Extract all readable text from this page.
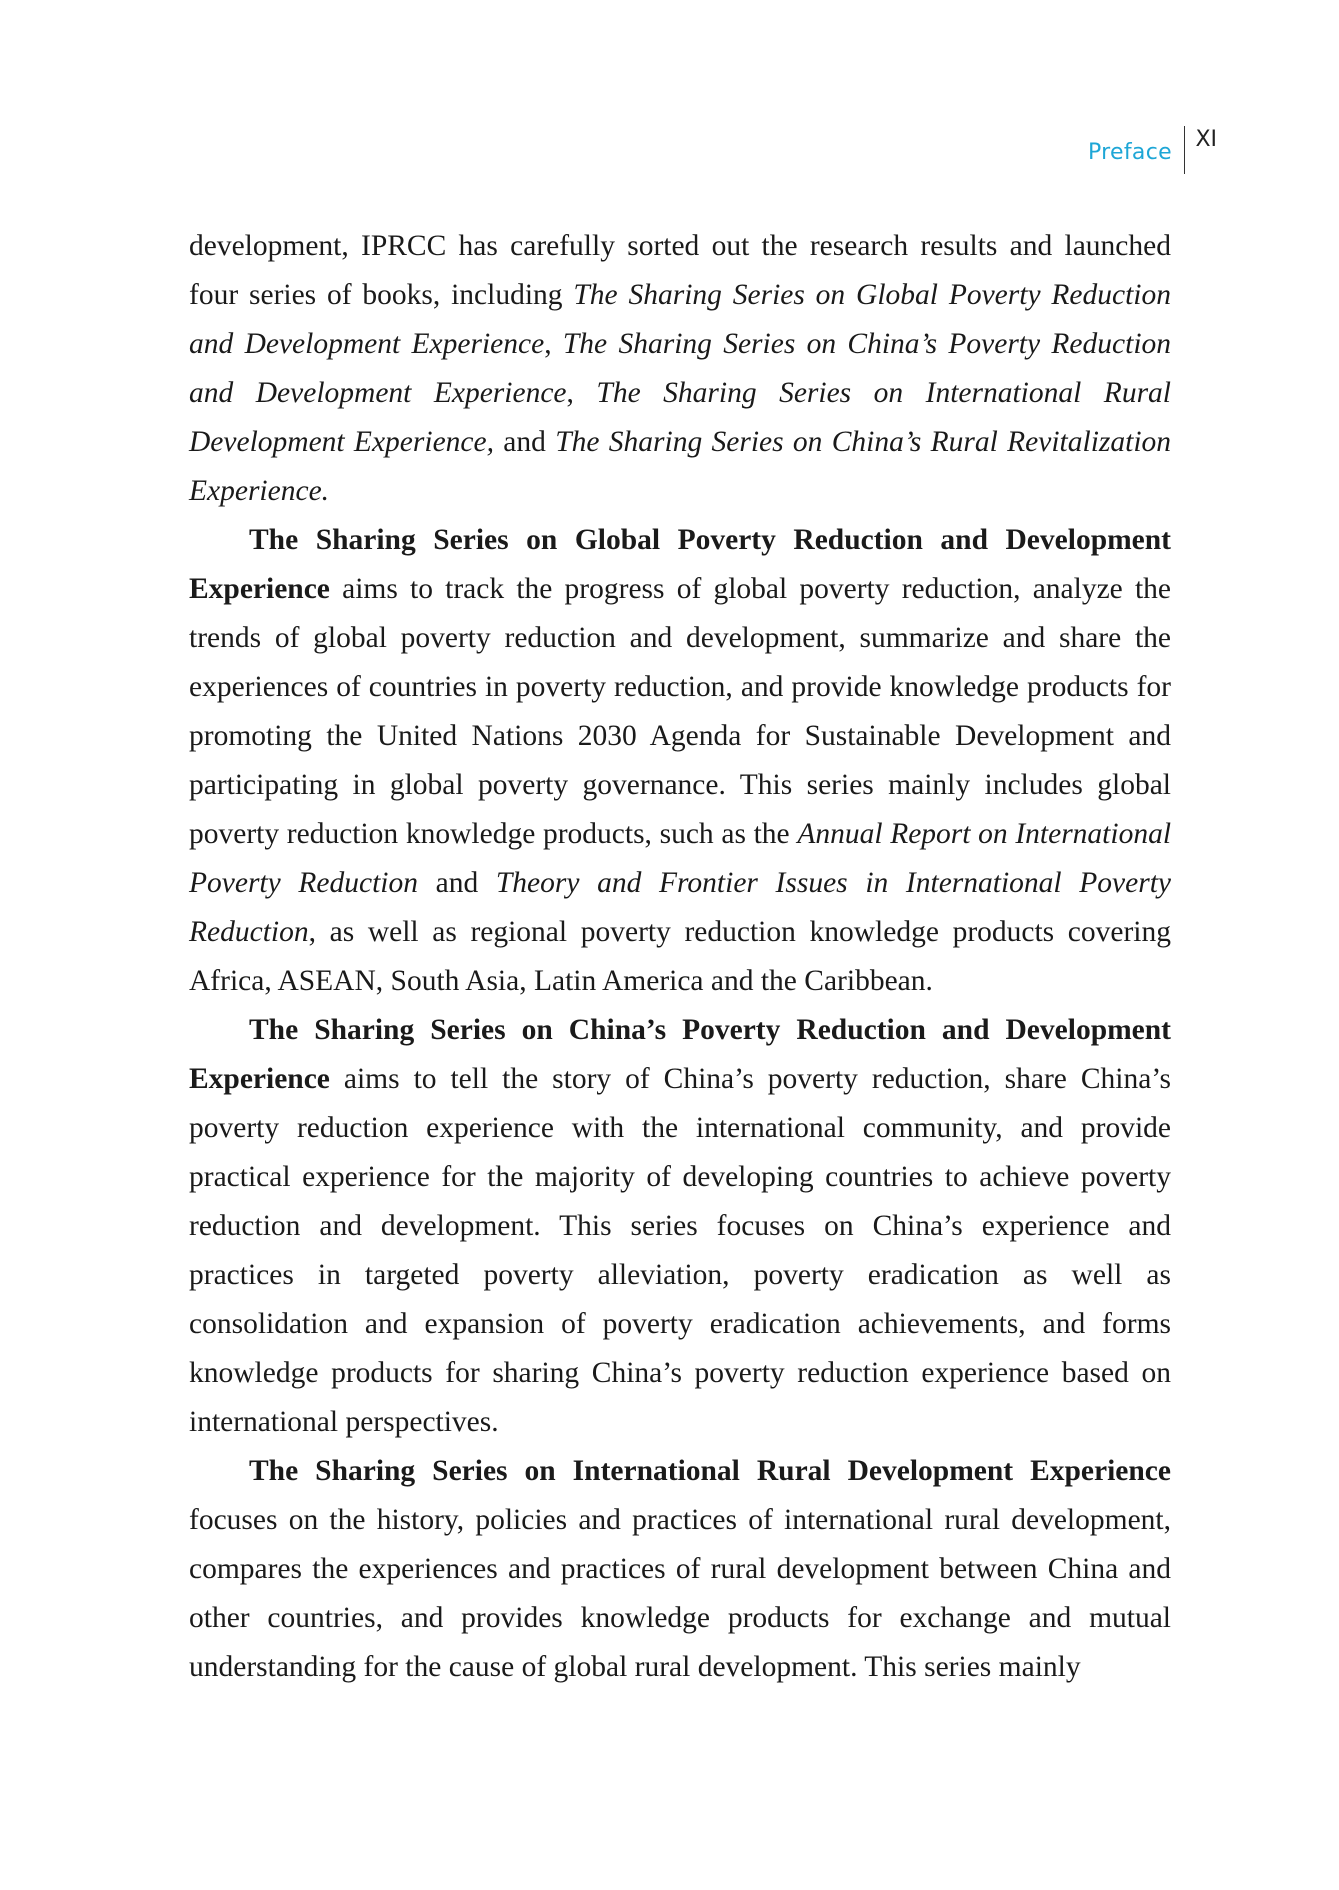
Preface
XI

development, IPRCC has carefully sorted out the research results and launched four series of books, including The Sharing Series on Global Poverty Reduction and Development Experience, The Sharing Series on China’s Poverty Reduction and Development Experience, The Sharing Series on International Rural Development Experience, and The Sharing Series on China’s Rural Revitalization Experience.

The Sharing Series on Global Poverty Reduction and Development Experience aims to track the progress of global poverty reduction, analyze the trends of global poverty reduction and development, summarize and share the experiences of countries in poverty reduction, and provide knowledge products for promoting the United Nations 2030 Agenda for Sustainable Development and participating in global poverty governance. This series mainly includes global poverty reduction knowledge products, such as the Annual Report on International Poverty Reduction and Theory and Frontier Issues in International Poverty Reduction, as well as regional poverty reduction knowledge products covering Africa, ASEAN, South Asia, Latin America and the Caribbean.

The Sharing Series on China’s Poverty Reduction and Development Experience aims to tell the story of China’s poverty reduction, share China’s poverty reduction experience with the international community, and provide practical experience for the majority of developing countries to achieve poverty reduction and development. This series focuses on China’s experience and practices in targeted poverty alleviation, poverty eradication as well as consolidation and expansion of poverty eradication achievements, and forms knowledge products for sharing China’s poverty reduction experience based on international perspectives.

The Sharing Series on International Rural Development Experience focuses on the history, policies and practices of international rural development, compares the experiences and practices of rural development between China and other countries, and provides knowledge products for exchange and mutual understanding for the cause of global rural development. This series mainly
